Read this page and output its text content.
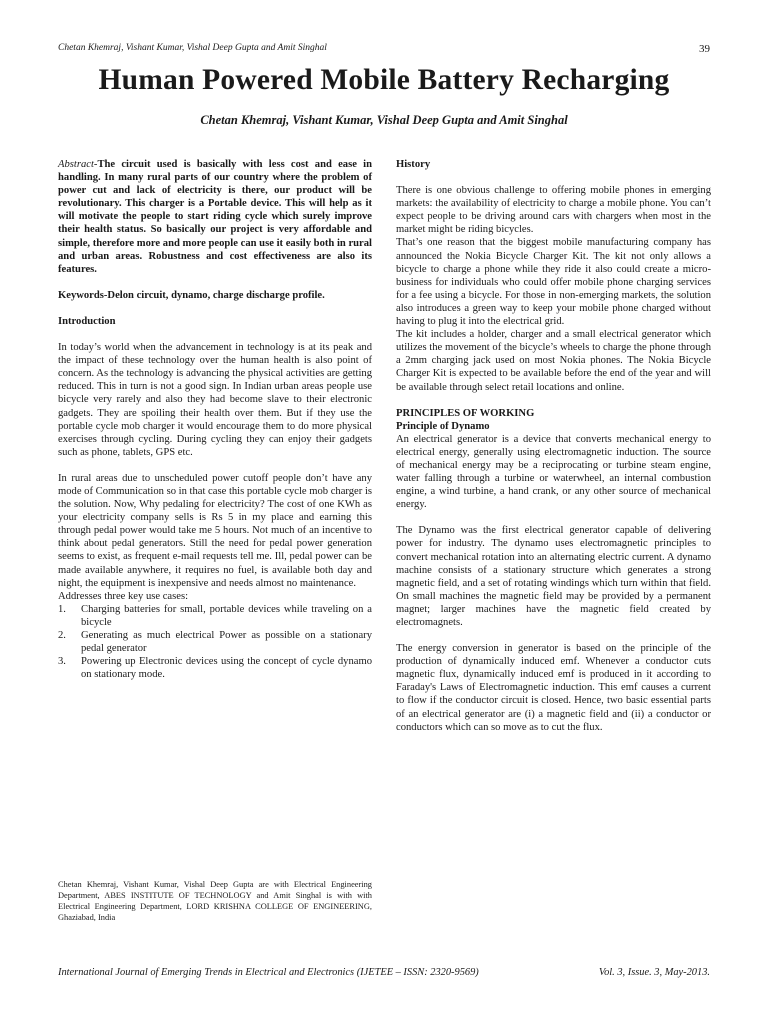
Chetan Khemraj, Vishant Kumar, Vishal Deep Gupta and Amit Singhal	39
Human Powered Mobile Battery Recharging
Chetan Khemraj, Vishant Kumar, Vishal Deep Gupta and Amit Singhal

Abstract-The circuit used is basically with less cost and ease in handling. In many rural parts of our country where the problem of power cut and lack of electricity is there, our product will be revolutionary. This charger is a Portable device. This will help as it will motivate the people to start riding cycle which surely improve their health status. So basically our project is very affordable and simple, therefore more and more people can use it easily both in rural and urban areas. Robustness and cost effectiveness are also its features.

Keywords-Delon circuit, dynamo, charge discharge profile.

Introduction

In today’s world when the advancement in technology is at its peak and the impact of these technology over the human health is also point of concern. As the technology is advancing the physical activities are getting reduced. This in turn is not a good sign. In Indian urban areas people use bicycle very rarely and also they had become slave to their electronic gadgets. They are spoiling their health over them. But if they use the portable cycle mob charger it would encourage them to do more physical exercises through cycling. During cycling they can enjoy their gadgets such as phone, tablets, GPS etc.

In rural areas due to unscheduled power cutoff people don’t have any mode of Communication so in that case this portable cycle mob charger is the solution. Now, Why pedaling for electricity? The cost of one KWh as your electricity company sells is Rs 5 in my place and earning this through pedal power would take me 5 hours. Not much of an incentive to think about pedal generators. Still the need for pedal power generation seems to exist, as frequent e-mail requests tell me. Ill, pedal power can be made available anywhere, it requires no fuel, is available both day and night, the equipment is inexpensive and needs almost no maintenance.

Addresses three key use cases:

1. Charging batteries for small, portable devices while traveling on a bicycle
2. Generating as much electrical Power as possible on a stationary pedal generator
3. Powering up Electronic devices using the concept of cycle dynamo on stationary mode.
Chetan Khemraj, Vishant Kumar, Vishal Deep Gupta are with Electrical Engineering Department, ABES INSTITUTE OF TECHNOLOGY and Amit Singhal is with with Electrical Engineering Department, LORD KRISHNA COLLEGE OF ENGINEERING, Ghaziabad, India

History

There is one obvious challenge to offering mobile phones in emerging markets: the availability of electricity to charge a mobile phone. You can’t expect people to be driving around cars with chargers when most in the market might be riding bicycles.

That’s one reason that the biggest mobile manufacturing company has announced the Nokia Bicycle Charger Kit. The kit not only allows a bicycle to charge a phone while they ride it also could create a micro-business for individuals who could offer mobile phone charging services for a fee using a bicycle. For those in non-emerging markets, the solution also introduces a green way to keep your mobile phone charged without having to plug it into the electrical grid.

The kit includes a holder, charger and a small electrical generator which utilizes the movement of the bicycle’s wheels to charge the phone through a 2mm charging jack used on most Nokia phones. The Nokia Bicycle Charger Kit is expected to be available before the end of the year and will be available through select retail locations and online.

PRINCIPLES OF WORKING

Principle of Dynamo

An electrical generator is a device that converts mechanical energy to electrical energy, generally using electromagnetic induction. The source of mechanical energy may be a reciprocating or turbine steam engine, water falling through a turbine or waterwheel, an internal combustion engine, a wind turbine, a hand crank, or any other source of mechanical energy.

The Dynamo was the first electrical generator capable of delivering power for industry. The dynamo uses electromagnetic principles to convert mechanical rotation into an alternating electric current. A dynamo machine consists of a stationary structure which generates a strong magnetic field, and a set of rotating windings which turn within that field. On small machines the magnetic field may be provided by a permanent magnet; larger machines have the magnetic field created by electromagnets.

The energy conversion in generator is based on the principle of the production of dynamically induced emf. Whenever a conductor cuts magnetic flux, dynamically induced emf is produced in it according to Faraday's Laws of Electromagnetic induction. This emf causes a current to flow if the conductor circuit is closed. Hence, two basic essential parts of an electrical generator are (i) a magnetic field and (ii) a conductor or conductors which can so move as to cut the flux.

International Journal of Emerging Trends in Electrical and Electronics (IJETEE – ISSN: 2320-9569)	Vol. 3, Issue. 3, May-2013.
